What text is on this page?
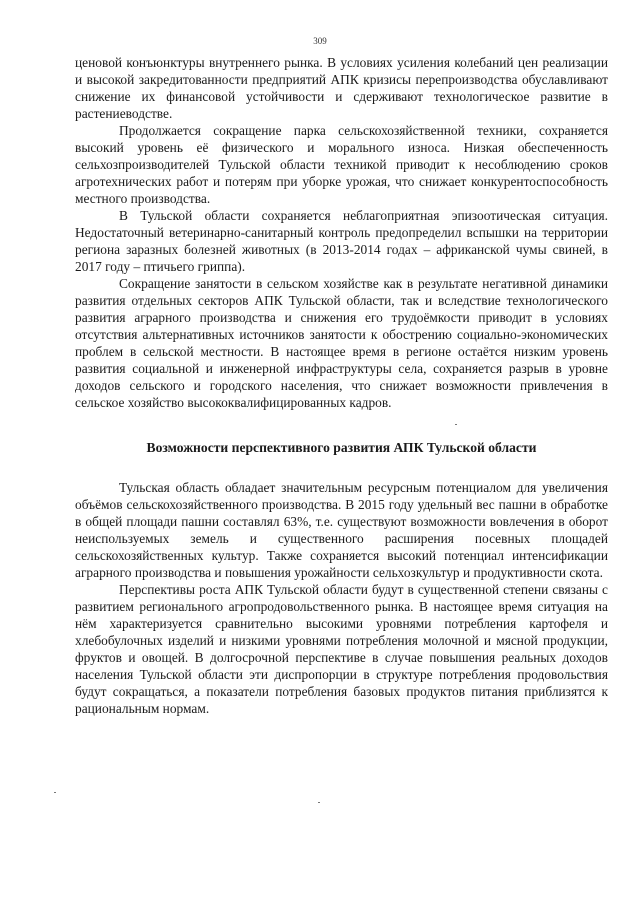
309

ценовой конъюнктуры внутреннего рынка. В условиях усиления колебаний цен реализации и высокой закредитованности предприятий АПК кризисы перепроизводства обуславливают снижение их финансовой устойчивости и сдерживают технологическое развитие в растениеводстве.

Продолжается сокращение парка сельскохозяйственной техники, сохраняется высокий уровень её физического и морального износа. Низкая обеспеченность сельхозпроизводителей Тульской области техникой приводит к несоблюдению сроков агротехнических работ и потерям при уборке урожая, что снижает конкурентоспособность местного производства.

В Тульской области сохраняется неблагоприятная эпизоотическая ситуация. Недостаточный ветеринарно-санитарный контроль предопределил вспышки на территории региона заразных болезней животных (в 2013-2014 годах – африканской чумы свиней, в 2017 году – птичьего гриппа).

Сокращение занятости в сельском хозяйстве как в результате негативной динамики развития отдельных секторов АПК Тульской области, так и вследствие технологического развития аграрного производства и снижения его трудоёмкости приводит в условиях отсутствия альтернативных источников занятости к обострению социально-экономических проблем в сельской местности. В настоящее время в регионе остаётся низким уровень развития социальной и инженерной инфраструктуры села, сохраняется разрыв в уровне доходов сельского и городского населения, что снижает возможности привлечения в сельское хозяйство высококвалифицированных кадров.

Возможности перспективного развития АПК Тульской области

Тульская область обладает значительным ресурсным потенциалом для увеличения объёмов сельскохозяйственного производства. В 2015 году удельный вес пашни в обработке в общей площади пашни составлял 63%, т.е. существуют возможности вовлечения в оборот неиспользуемых земель и существенного расширения посевных площадей сельскохозяйственных культур. Также сохраняется высокий потенциал интенсификации аграрного производства и повышения урожайности сельхозкультур и продуктивности скота.

Перспективы роста АПК Тульской области будут в существенной степени связаны с развитием регионального агропродовольственного рынка. В настоящее время ситуация на нём характеризуется сравнительно высокими уровнями потребления картофеля и хлебобулочных изделий и низкими уровнями потребления молочной и мясной продукции, фруктов и овощей. В долгосрочной перспективе в случае повышения реальных доходов населения Тульской области эти диспропорции в структуре потребления продовольствия будут сокращаться, а показатели потребления базовых продуктов питания приблизятся к рациональным нормам.
